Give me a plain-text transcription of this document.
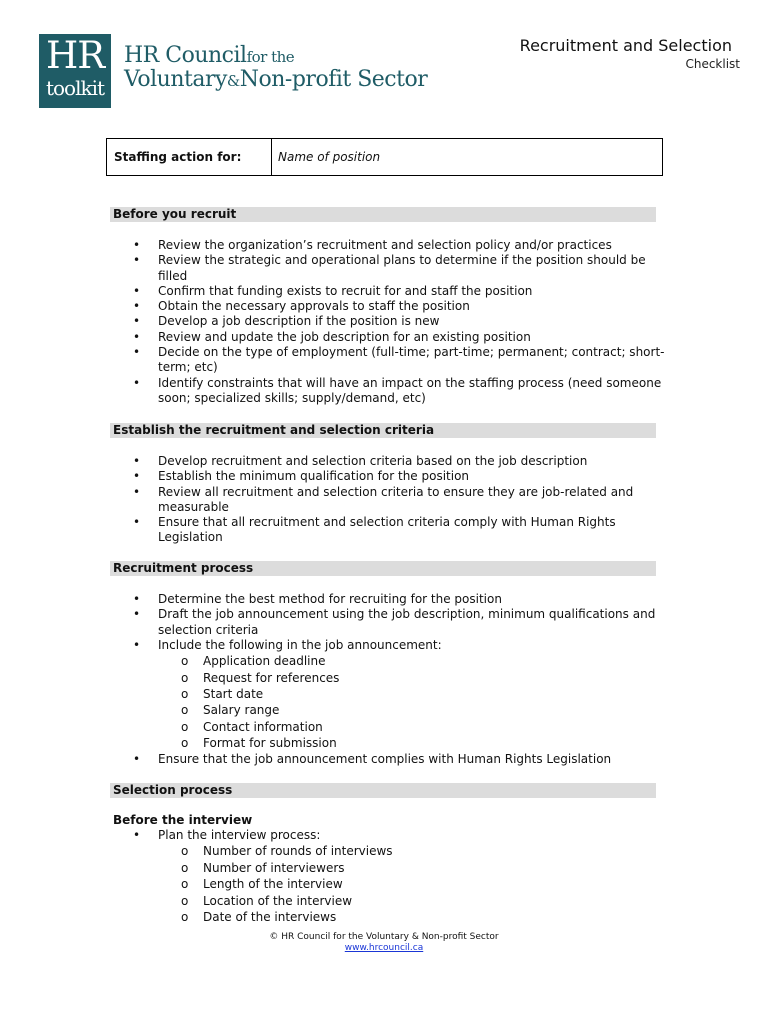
HR
toolkit
HR Councilfor the
Voluntary&Non-profit Sector
Recruitment and Selection
Checklist
Staffing action for:	Name of position
Before you recruit
• Review the organization’s recruitment and selection policy and/or practices
• Review the strategic and operational plans to determine if the position should be filled
• Confirm that funding exists to recruit for and staff the position
• Obtain the necessary approvals to staff the position
• Develop a job description if the position is new
• Review and update the job description for an existing position
• Decide on the type of employment (full-time; part-time; permanent; contract; short-term; etc)
• Identify constraints that will have an impact on the staffing process (need someone soon; specialized skills; supply/demand, etc)
Establish the recruitment and selection criteria
• Develop recruitment and selection criteria based on the job description
• Establish the minimum qualification for the position
• Review all recruitment and selection criteria to ensure they are job-related and measurable
• Ensure that all recruitment and selection criteria comply with Human Rights Legislation
Recruitment process
• Determine the best method for recruiting for the position
• Draft the job announcement using the job description, minimum qualifications and selection criteria
• Include the following in the job announcement:
o Application deadline
o Request for references
o Start date
o Salary range
o Contact information
o Format for submission
• Ensure that the job announcement complies with Human Rights Legislation
Selection process
Before the interview
• Plan the interview process:
o Number of rounds of interviews
o Number of interviewers
o Length of the interview
o Location of the interview
o Date of the interviews
© HR Council for the Voluntary & Non-profit Sector
www.hrcouncil.ca
